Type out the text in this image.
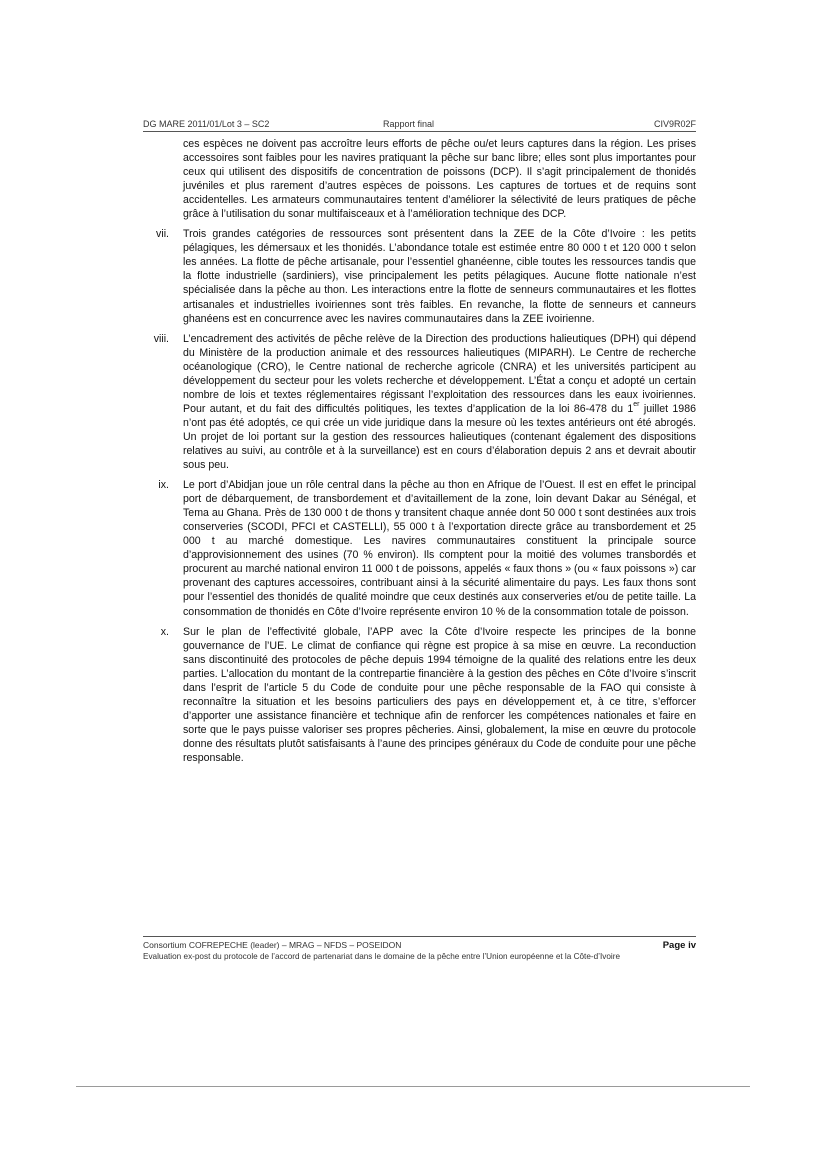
DG MARE 2011/01/Lot 3 – SC2	Rapport final	CIV9R02F
ces espèces ne doivent pas accroître leurs efforts de pêche ou/et leurs captures dans la région. Les prises accessoires sont faibles pour les navires pratiquant la pêche sur banc libre; elles sont plus importantes pour ceux qui utilisent des dispositifs de concentration de poissons (DCP). Il s’agit principalement de thonidés juvéniles et plus rarement d’autres espèces de poissons. Les captures de tortues et de requins sont accidentelles. Les armateurs communautaires tentent d’améliorer la sélectivité de leurs pratiques de pêche grâce à l’utilisation du sonar multifaisceaux et à l’amélioration technique des DCP.
vii. Trois grandes catégories de ressources sont présentent dans la ZEE de la Côte d’Ivoire : les petits pélagiques, les démersaux et les thonidés. L’abondance totale est estimée entre 80 000 t et 120 000 t selon les années. La flotte de pêche artisanale, pour l’essentiel ghanéenne, cible toutes les ressources tandis que la flotte industrielle (sardiniers), vise principalement les petits pélagiques. Aucune flotte nationale n’est spécialisée dans la pêche au thon. Les interactions entre la flotte de senneurs communautaires et les flottes artisanales et industrielles ivoiriennes sont très faibles. En revanche, la flotte de senneurs et canneurs ghanéens est en concurrence avec les navires communautaires dans la ZEE ivoirienne.
viii. L’encadrement des activités de pêche relève de la Direction des productions halieutiques (DPH) qui dépend du Ministère de la production animale et des ressources halieutiques (MIPARH). Le Centre de recherche océanologique (CRO), le Centre national de recherche agricole (CNRA) et les universités participent au développement du secteur pour les volets recherche et développement. L’État a conçu et adopté un certain nombre de lois et textes réglementaires régissant l’exploitation des ressources dans les eaux ivoiriennes. Pour autant, et du fait des difficultés politiques, les textes d’application de la loi 86-478 du 1er juillet 1986 n’ont pas été adoptés, ce qui crée un vide juridique dans la mesure où les textes antérieurs ont été abrogés. Un projet de loi portant sur la gestion des ressources halieutiques (contenant également des dispositions relatives au suivi, au contrôle et à la surveillance) est en cours d’élaboration depuis 2 ans et devrait aboutir sous peu.
ix. Le port d’Abidjan joue un rôle central dans la pêche au thon en Afrique de l’Ouest. Il est en effet le principal port de débarquement, de transbordement et d’avitaillement de la zone, loin devant Dakar au Sénégal, et Tema au Ghana. Près de 130 000 t de thons y transitent chaque année dont 50 000 t sont destinées aux trois conserveries (SCODI, PFCI et CASTELLI), 55 000 t à l’exportation directe grâce au transbordement et 25 000 t au marché domestique. Les navires communautaires constituent la principale source d’approvisionnement des usines (70 % environ). Ils comptent pour la moitié des volumes transbordés et procurent au marché national environ 11 000 t de poissons, appelés « faux thons » (ou « faux poissons ») car provenant des captures accessoires, contribuant ainsi à la sécurité alimentaire du pays. Les faux thons sont pour l’essentiel des thonidés de qualité moindre que ceux destinés aux conserveries et/ou de petite taille. La consommation de thonidés en Côte d’Ivoire représente environ 10 % de la consommation totale de poisson.
x. Sur le plan de l’effectivité globale, l’APP avec la Côte d’Ivoire respecte les principes de la bonne gouvernance de l’UE. Le climat de confiance qui règne est propice à sa mise en œuvre. La reconduction sans discontinuité des protocoles de pêche depuis 1994 témoigne de la qualité des relations entre les deux parties. L’allocation du montant de la contrepartie financière à la gestion des pêches en Côte d’Ivoire s’inscrit dans l’esprit de l’article 5 du Code de conduite pour une pêche responsable de la FAO qui consiste à reconnaître la situation et les besoins particuliers des pays en développement et, à ce titre, s’efforcer d’apporter une assistance financière et technique afin de renforcer les compétences nationales et faire en sorte que le pays puisse valoriser ses propres pêcheries. Ainsi, globalement, la mise en œuvre du protocole donne des résultats plutôt satisfaisants à l’aune des principes généraux du Code de conduite pour une pêche responsable.
Consortium COFREPECHE (leader) – MRAG – NFDS – POSEIDON	Page iv
Evaluation ex-post du protocole de l’accord de partenariat dans le domaine de la pêche entre l’Union européenne et la Côte-d’Ivoire
